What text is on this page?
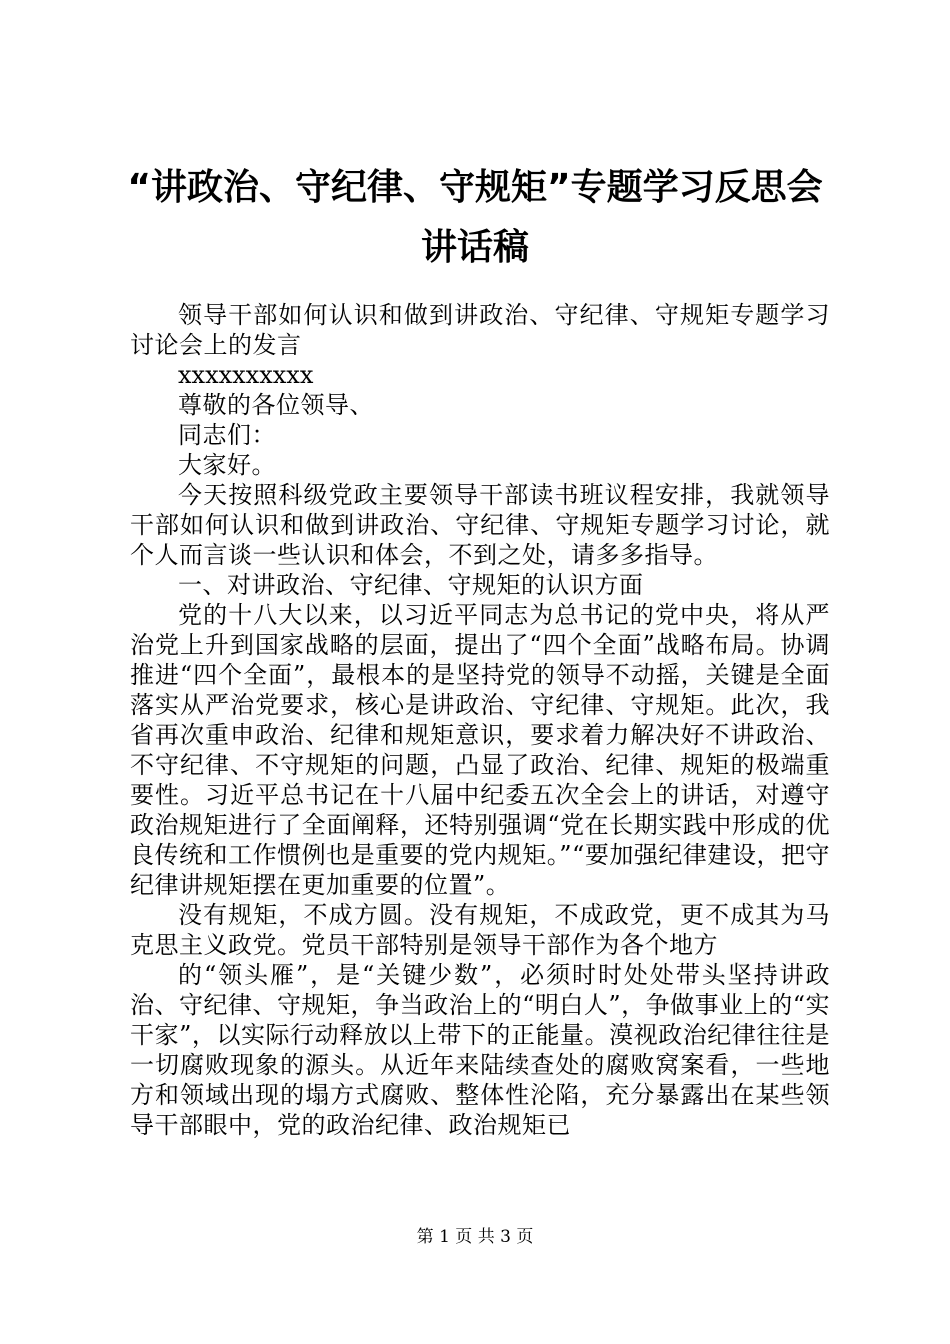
“讲政治、守纪律、守规矩”专题学习反思会
讲话稿

领导干部如何认识和做到讲政治、守纪律、守规矩专题学习讨论会上的发言

xxxxxxxxxx

尊敬的各位领导、

同志们：

大家好。

今天按照科级党政主要领导干部读书班议程安排，我就领导干部如何认识和做到讲政治、守纪律、守规矩专题学习讨论，就个人而言谈一些认识和体会，不到之处，请多多指导。

一、对讲政治、守纪律、守规矩的认识方面

党的十八大以来，以习近平同志为总书记的党中央，将从严治党上升到国家战略的层面，提出了“四个全面”战略布局。协调推进“四个全面”，最根本的是坚持党的领导不动摇，关键是全面落实从严治党要求，核心是讲政治、守纪律、守规矩。此次，我省再次重申政治、纪律和规矩意识，要求着力解决好不讲政治、不守纪律、不守规矩的问题，凸显了政治、纪律、规矩的极端重要性。习近平总书记在十八届中纪委五次全会上的讲话，对遵守政治规矩进行了全面阐释，还特别强调“党在长期实践中形成的优良传统和工作惯例也是重要的党内规矩。”“要加强纪律建设，把守纪律讲规矩摆在更加重要的位置”。

没有规矩，不成方圆。没有规矩，不成政党，更不成其为马克思主义政党。党员干部特别是领导干部作为各个地方

的“领头雁”，是“关键少数”，必须时时处处带头坚持讲政治、守纪律、守规矩，争当政治上的“明白人”，争做事业上的“实干家”，以实际行动释放以上带下的正能量。漠视政治纪律往往是一切腐败现象的源头。从近年来陆续查处的腐败窝案看，一些地方和领域出现的塌方式腐败、整体性沦陷，充分暴露出在某些领导干部眼中，党的政治纪律、政治规矩已

第 1 页 共 3 页
